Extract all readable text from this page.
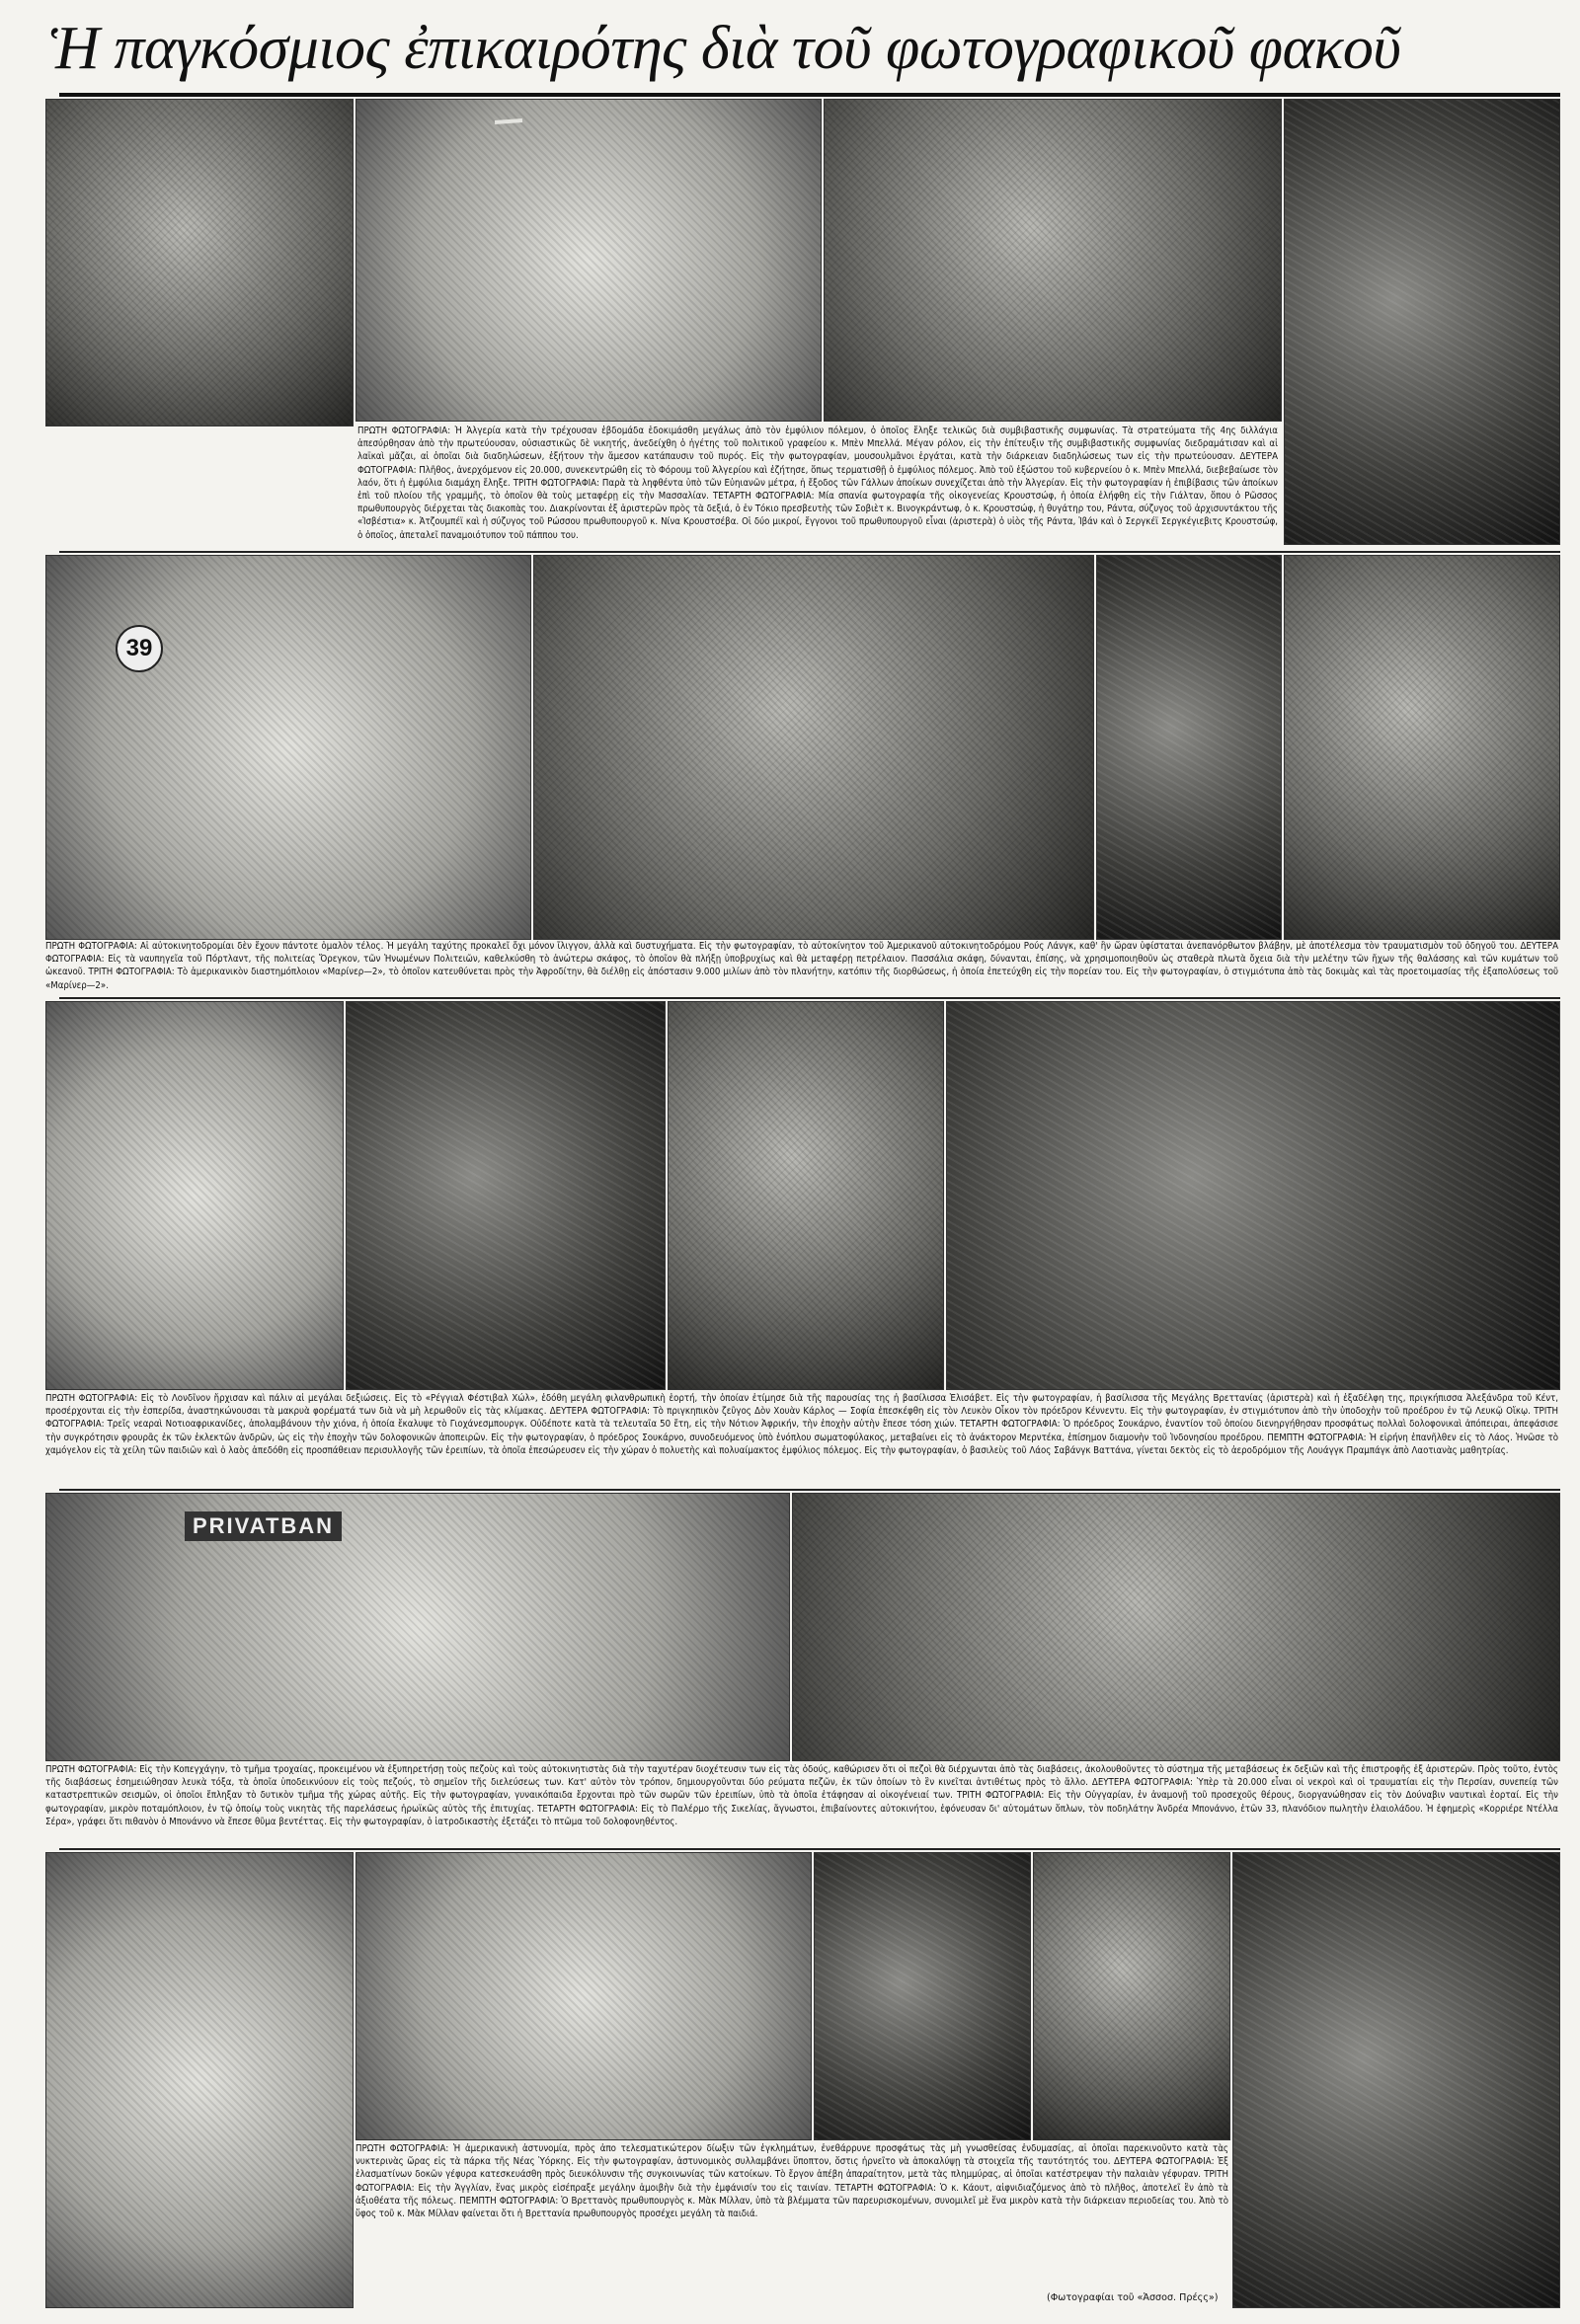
Ἡ παγκόσμιος ἐπικαιρότης διὰ τοῦ φωτογραφικοῦ φακοῦ
ΠΡΩΤΗ ΦΩΤΟΓΡΑΦΙΑ: Ἡ Ἀλγερία κατὰ τὴν τρέχουσαν ἑβδομάδα ἑδοκιμάσθη μεγάλως ἀπὸ τὸν ἐμφύλιον πόλεμον, ὁ ὁποῖος ἔληξε τελικῶς διὰ συμβιβαστικῆς συμφωνίας. Τὰ στρατεύματα τῆς 4ης διλλάγια ἀπεσύρθησαν ἀπὸ τὴν πρωτεύουσαν, οὐσιαστικῶς δὲ νικητής, ἀνεδείχθη ὁ ἠγέτης τοῦ πολιτικοῦ γραφείου κ. Μπὲν Μπελλά. Μέγαν ρόλον, εἰς τὴν ἐπίτευξιν τῆς συμβιβαστικῆς συμφωνίας διεδραμάτισαν καὶ αἱ λαϊκαὶ μᾶζαι, αἱ ὁποῖαι διὰ διαδηλώσεων, ἐξήτουν τὴν ἄμεσον κατάπαυσιν τοῦ πυρός. Εἰς τὴν φωτογραφίαν, μουσουλμᾶνοι ἐργάται, κατὰ τὴν διάρκειαν διαδηλώσεως των εἰς τὴν πρωτεύουσαν. ΔΕΥΤΕΡΑ ΦΩΤΟΓΡΑΦΙΑ: Πλῆθος, ἀνερχόμενον εἰς 20.000, συνεκεντρώθη εἰς τὸ Φόρουμ τοῦ Ἀλγερίου καὶ ἐζήτησε, ὅπως τερματισθῇ ὁ ἐμφύλιος πόλεμος. Ἀπὸ τοῦ ἐξώστου τοῦ κυβερνείου ὁ κ. Μπὲν Μπελλά, διεβεβαίωσε τὸν λαόν, ὅτι ἡ ἐμφύλια διαμάχη ἔληξε. ΤΡΙΤΗ ΦΩΤΟΓΡΑΦΙΑ: Παρὰ τὰ ληφθέντα ὑπὸ τῶν Εὐηιανῶν μέτρα, ἡ ἔξοδος τῶν Γάλλων ἀποίκων συνεχίζεται ἀπὸ τὴν Ἀλγερίαν. Εἰς τὴν φωτογραφίαν ἡ ἐπιβίβασις τῶν ἀποίκων ἐπὶ τοῦ πλοίου τῆς γραμμῆς, τὸ ὁποῖον θὰ τοὺς μεταφέρῃ εἰς τὴν Μασσαλίαν. ΤΕΤΑΡΤΗ ΦΩΤΟΓΡΑΦΙΑ: Μία σπανία φωτογραφία τῆς οἰκογενείας Κρουστσώφ, ἡ ὁποία ἐλήφθη εἰς τὴν Γιάλταν, ὅπου ὁ Ρῶσσος πρωθυπουργὸς διέρχεται τὰς διακοπὰς του. Διακρίνονται ἐξ ἀριστερῶν πρὸς τὰ δεξιά, ὁ ἐν Τόκιο πρεσβευτὴς τῶν Σοβιὲτ κ. Βινογκράντωφ, ὁ κ. Κρουστσώφ, ἡ θυγάτηρ του, Ράντα, σύζυγος τοῦ ἀρχισυντάκτου τῆς «Ἰσβέστια» κ. Ἀτζουμπέϊ καὶ ἡ σύζυγος τοῦ Ρώσσου πρωθυπουργοῦ κ. Νίνα Κρουστσέβα. Οἱ δύο μικροί, ἔγγονοι τοῦ πρωθυπουργοῦ εἶναι (ἀριστερὰ) ὁ υἱὸς τῆς Ράντα, Ἰβάν καὶ ὁ Σεργκέϊ Σεργκέγιεβιτς Κρουστσώφ, ὁ ὁποῖος, ἀπεταλεῖ παναμοιότυπον τοῦ πάππου του.
39
ΠΡΩΤΗ ΦΩΤΟΓΡΑΦΙΑ: Αἱ αὐτοκινητοδρομίαι δὲν ἔχουν πάντοτε ὁμαλὸν τέλος. Ἡ μεγάλη ταχύτης προκαλεῖ ὄχι μόνον ἴλιγγον, ἀλλὰ καὶ δυστυχήματα. Εἰς τὴν φωτογραφίαν, τὸ αὐτοκίνητον τοῦ Ἀμερικανοῦ αὐτοκινητοδρόμου Ρούς Λάνγκ, καθ' ἣν ὥραν ὑφίσταται ἀνεπανόρθωτον βλάβην, μὲ ἀποτέλεσμα τὸν τραυματισμὸν τοῦ ὁδηγοῦ του. ΔΕΥΤΕΡΑ ΦΩΤΟΓΡΑΦΙΑ: Εἰς τὰ ναυπηγεῖα τοῦ Πόρτλαντ, τῆς πολιτείας Ὄρεγκον, τῶν Ἡνωμένων Πολιτειῶν, καθελκύσθη τὸ ἀνώτερω σκάφος, τὸ ὁποῖον θὰ πλήξῃ ὑποβρυχίως καὶ θὰ μεταφέρῃ πετρέλαιον. Πασσάλια σκάφη, δύνανται, ἐπίσης, νὰ χρησιμοποιηθοῦν ὡς σταθερὰ πλωτὰ ὄχεια διὰ τὴν μελέτην τῶν ἤχων τῆς θαλάσσης καὶ τῶν κυμάτων τοῦ ὠκεανοῦ. ΤΡΙΤΗ ΦΩΤΟΓΡΑΦΙΑ: Τὸ ἀμερικανικὸν διαστημόπλοιον «Μαρίνερ—2», τὸ ὁποῖον κατευθύνεται πρὸς τὴν Ἀφροδίτην, θὰ διέλθῃ εἰς ἀπόστασιν 9.000 μιλίων ἀπὸ τὸν πλανήτην, κατόπιν τῆς διορθώσεως, ἡ ὁποία ἐπετεύχθη εἰς τὴν πορείαν του. Εἰς τὴν φωτογραφίαν, ὁ στιγμιότυπα ἀπὸ τὰς δοκιμὰς καὶ τὰς προετοιμασίας τῆς ἐξαπολύσεως τοῦ «Μαρίνερ—2».
ΠΡΩΤΗ ΦΩΤΟΓΡΑΦΙΑ: Εἰς τὸ Λονδῖνον ἤρχισαν καὶ πάλιν αἱ μεγάλαι δεξιώσεις. Εἰς τὸ «Ρέγγιαλ Φέστιβαλ Χώλ», ἐδόθη μεγάλη φιλανθρωπικὴ ἑορτή, τὴν ὁποίαν ἐτίμησε διὰ τῆς παρουσίας της ἡ βασίλισσα Ἐλισάβετ. Εἰς τὴν φωτογραφίαν, ἡ βασίλισσα τῆς Μεγάλης Βρεττανίας (ἀριστερὰ) καὶ ἡ ἐξαδέλφη της, πριγκήπισσα Ἀλεξάνδρα τοῦ Κέντ, προσέρχονται εἰς τὴν ἑσπερίδα, ἀναστηκώνουσαι τὰ μακρυὰ φορέματά των διὰ νὰ μὴ λερωθοῦν εἰς τὰς κλίμακας. ΔΕΥΤΕΡΑ ΦΩΤΟΓΡΑΦΙΑ: Τὸ πριγκηπικὸν ζεῦγος Δὸν Χουὰν Κάρλος — Σοφία ἐπεσκέφθη εἰς τὸν Λευκὸν Οἶκον τὸν πρόεδρον Κέννεντυ. Εἰς τὴν φωτογραφίαν, ἐν στιγμιότυπον ἀπὸ τὴν ὑποδοχὴν τοῦ προέδρου ἐν τῷ Λευκῷ Οἴκῳ. ΤΡΙΤΗ ΦΩΤΟΓΡΑΦΙΑ: Τρεῖς νεαραὶ Νοτιοαφρικανίδες, ἀπολαμβάνουν τὴν χιόνα, ἡ ὁποία ἔκαλυψε τὸ Γιοχάνεσμπουργκ. Οὐδέποτε κατὰ τὰ τελευταῖα 50 ἔτη, εἰς τὴν Νότιον Ἀφρικήν, τὴν ἐποχὴν αὐτὴν ἔπεσε τόση χιών. ΤΕΤΑΡΤΗ ΦΩΤΟΓΡΑΦΙΑ: Ὁ πρόεδρος Σουκάρνο, ἐναντίον τοῦ ὁποίου διενηργήθησαν προσφάτως πολλαὶ δολοφονικαὶ ἀπόπειραι, ἀπεφάσισε τὴν συγκρότησιν φρουρᾶς ἐκ τῶν ἐκλεκτῶν ἀνδρῶν, ὡς εἰς τὴν ἐποχὴν τῶν δολοφονικῶν ἀποπειρῶν. Εἰς τὴν φωτογραφίαν, ὁ πρόεδρος Σουκάρνο, συνοδευόμενος ὑπὸ ἐνόπλου σωματοφύλακος, μεταβαίνει εἰς τὸ ἀνάκτορον Μερντέκα, ἐπίσημον διαμονὴν τοῦ Ἰνδονησίου προέδρου. ΠΕΜΠΤΗ ΦΩΤΟΓΡΑΦΙΑ: Ἡ εἰρήνη ἐπανῆλθεν εἰς τὸ Λάος. Ἠνῶσε τὸ χαμόγελον εἰς τὰ χείλη τῶν παιδιῶν καὶ ὁ λαὸς ἀπεδόθη εἰς προσπάθειαν περισυλλογῆς τῶν ἐρειπίων, τὰ ὁποῖα ἐπεσώρευσεν εἰς τὴν χώραν ὁ πολυετὴς καὶ πολυαίμακτος ἐμφύλιος πόλεμος. Εἰς τὴν φωτογραφίαν, ὁ βασιλεὺς τοῦ Λάος Σαβάνγκ Βαττάνα, γίνεται δεκτὸς εἰς τὸ ἀεροδρόμιον τῆς Λουάγγκ Πραμπάγκ ἀπὸ Λαοτιανὰς μαθητρίας.
PRIVATBAN
ΠΡΩΤΗ ΦΩΤΟΓΡΑΦΙΑ: Εἰς τὴν Κοπεγχάγην, τὸ τμῆμα τροχαίας, προκειμένου νὰ ἐξυπηρετήσῃ τοὺς πεζοὺς καὶ τοὺς αὐτοκινητιστὰς διὰ τὴν ταχυτέραν διοχέτευσιν των εἰς τὰς ὁδούς, καθώρισεν ὅτι οἱ πεζοὶ θὰ διέρχωνται ἀπὸ τὰς διαβάσεις, ἀκολουθοῦντες τὸ σύστημα τῆς μεταβάσεως ἐκ δεξιῶν καὶ τῆς ἐπιστροφῆς ἐξ ἀριστερῶν. Πρὸς τοῦτο, ἐντὸς τῆς διαβάσεως ἐσημειώθησαν λευκὰ τόξα, τὰ ὁποῖα ὑποδεικνύουν εἰς τοὺς πεζούς, τὸ σημεῖον τῆς διελεύσεως των. Κατ' αὐτὸν τὸν τρόπον, δημιουργοῦνται δύο ρεύματα πεζῶν, ἐκ τῶν ὁποίων τὸ ἓν κινεῖται ἀντιθέτως πρὸς τὸ ἄλλο. ΔΕΥΤΕΡΑ ΦΩΤΟΓΡΑΦΙΑ: Ὑπὲρ τὰ 20.000 εἶναι οἱ νεκροὶ καὶ οἱ τραυματίαι εἰς τὴν Περσίαν, συνεπείᾳ τῶν καταστρεπτικῶν σεισμῶν, οἱ ὁποῖοι ἔπληξαν τὸ δυτικὸν τμῆμα τῆς χώρας αὐτῆς. Εἰς τὴν φωτογραφίαν, γυναικόπαιδα ἔρχονται πρὸ τῶν σωρῶν τῶν ἐρειπίων, ὑπὸ τὰ ὁποῖα ἐτάφησαν αἱ οἰκογένειαί των. ΤΡΙΤΗ ΦΩΤΟΓΡΑΦΙΑ: Εἰς τὴν Οὐγγαρίαν, ἐν ἀναμονῇ τοῦ προσεχοῦς θέρους, διοργανώθησαν εἰς τὸν Δούναβιν ναυτικαὶ ἑορταί. Εἰς τὴν φωτογραφίαν, μικρὸν ποταμόπλοιον, ἐν τῷ ὁποίῳ τοὺς νικητὰς τῆς παρελάσεως ἠρωϊκῶς αὐτὸς τῆς ἐπιτυχίας. ΤΕΤΑΡΤΗ ΦΩΤΟΓΡΑΦΙΑ: Εἰς τὸ Παλέρμο τῆς Σικελίας, ἄγνωστοι, ἐπιβαίνοντες αὐτοκινήτου, ἐφόνευσαν δι' αὐτομάτων ὅπλων, τὸν ποδηλάτην Ἀνδρέα Μπονάννο, ἐτῶν 33, πλανόδιον πωλητὴν ἐλαιολάδου. Ἡ ἐφημερὶς «Κορριέρε Ντέλλα Σέρα», γράφει ὅτι πιθανὸν ὁ Μπονάννο νὰ ἔπεσε θῦμα βεντέττας. Εἰς τὴν φωτογραφίαν, ὁ ἰατροδικαστὴς ἐξετάζει τὸ πτῶμα τοῦ δολοφονηθέντος.
ΠΡΩΤΗ ΦΩΤΟΓΡΑΦΙΑ: Ἡ ἀμερικανικὴ ἀστυνομία, πρὸς ἀπο τελεσματικώτερον δίωξιν τῶν ἐγκλημάτων, ἐνεθάρρυνε προσφάτως τὰς μὴ γνωσθείσας ἐνδυμασίας, αἱ ὁποῖαι παρεκινοῦντο κατὰ τὰς νυκτερινὰς ὥρας εἰς τὰ πάρκα τῆς Νέας Ὑόρκης. Εἰς τὴν φωτογραφίαν, ἀστυνομικὸς συλλαμβάνει ὕποπτον, ὅστις ἠρνεῖτο νὰ ἀποκαλύψῃ τὰ στοιχεῖα τῆς ταυτότητός του. ΔΕΥΤΕΡΑ ΦΩΤΟΓΡΑΦΙΑ: Ἐξ ἐλασματίνων δοκῶν γέφυρα κατεσκευάσθη πρὸς διευκόλυνσιν τῆς συγκοινωνίας τῶν κατοίκων. Τὸ ἔργον ἀπέβη ἀπαραίτητον, μετὰ τὰς πλημμύρας, αἱ ὁποῖαι κατέστρεψαν τὴν παλαιὰν γέφυραν. ΤΡΙΤΗ ΦΩΤΟΓΡΑΦΙΑ: Εἰς τὴν Ἀγγλίαν, ἕνας μικρὸς εἰσέπραξε μεγάλην ἀμοιβὴν διὰ τὴν ἐμφάνισίν του εἰς ταινίαν. ΤΕΤΑΡΤΗ ΦΩΤΟΓΡΑΦΙΑ: Ὁ κ. Κάουτ, αἰφνιδιαζόμενος ἀπὸ τὸ πλῆθος, ἀποτελεῖ ἓν ἀπὸ τὰ ἀξιοθέατα τῆς πόλεως. ΠΕΜΠΤΗ ΦΩΤΟΓΡΑΦΙΑ: Ὁ Βρεττανὸς πρωθυπουργὸς κ. Μὰκ Μίλλαν, ὑπὸ τὰ βλέμματα τῶν παρευρισκομένων, συνομιλεῖ μὲ ἕνα μικρὸν κατὰ τὴν διάρκειαν περιοδείας του. Ἀπὸ τὸ ὕφος τοῦ κ. Μὰκ Μίλλαν φαίνεται ὅτι ἡ Βρεττανία πρωθυπουργὸς προσέχει μεγάλη τὰ παιδιά.
(Φωτογραφίαι τοῦ «Ἀσσοσ. Πρέςς»)
